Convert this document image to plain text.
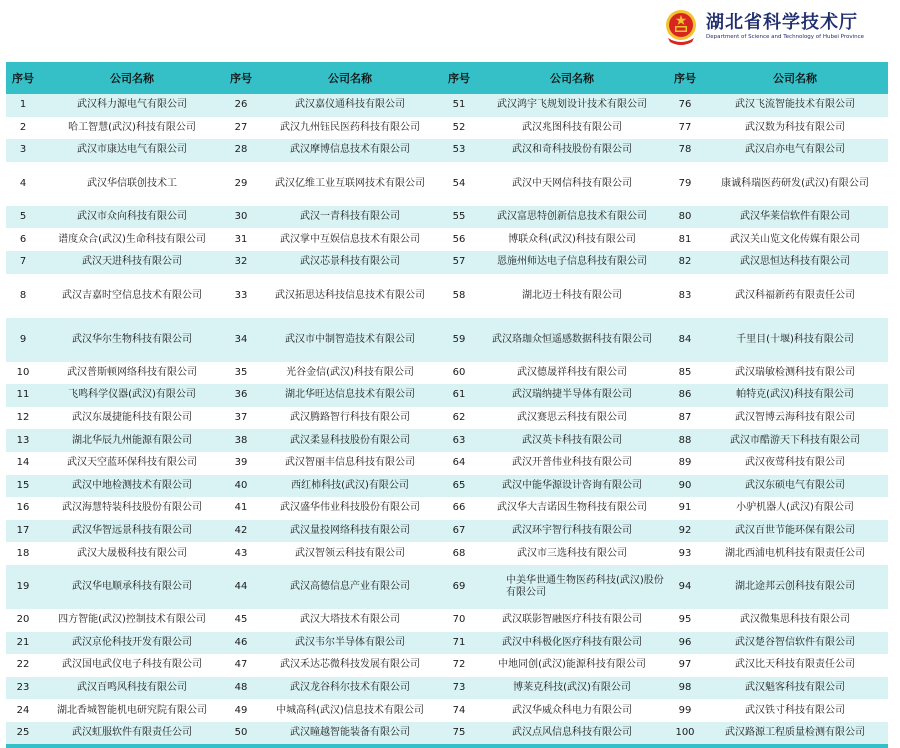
湖北省科学技术厅
Department of Science and Technology of Hubei Province
序号	公司名称	序号	公司名称	序号	公司名称	序号	公司名称
1	武汉科力源电气有限公司	26	武汉嘉仪通科技有限公司	51	武汉鸿宇飞规划设计技术有限公司	76	武汉飞流智能技术有限公司
2	哈工智慧(武汉)科技有限公司	27	武汉九州钰民医药科技有限公司	52	武汉兆图科技有限公司	77	武汉数为科技有限公司
3	武汉市康达电气有限公司	28	武汉摩博信息技术有限公司	53	武汉和奇科技股份有限公司	78	武汉启亦电气有限公司
4	武汉华信联创技术工	29	武汉亿维工业互联网技术有限公司	54	武汉中天网信科技有限公司	79	康诚科瑞医药研发(武汉)有限公司
5	武汉市众向科技有限公司	30	武汉一青科技有限公司	55	武汉富思特创新信息技术有限公司	80	武汉华莱信软件有限公司
6	谱度众合(武汉)生命科技有限公司	31	武汉掌中互娱信息技术有限公司	56	博联众科(武汉)科技有限公司	81	武汉关山览文化传媒有限公司
7	武汉天进科技有限公司	32	武汉芯景科技有限公司	57	恩施州师达电子信息科技有限公司	82	武汉思恒达科技有限公司
8	武汉吉嘉时空信息技术有限公司	33	武汉拓思达科技信息技术有限公司	58	湖北迈士科技有限公司	83	武汉科福新药有限责任公司
9	武汉华尔生物科技有限公司	34	武汉市中制智造技术有限公司	59	武汉珞珈众恒遥感数据科技有限公司	84	千里目(十堰)科技有限公司
10	武汉普斯顿网络科技有限公司	35	光谷金信(武汉)科技有限公司	60	武汉德晟祥科技有限公司	85	武汉瑞敏检测科技有限公司
11	飞鸣科学仪器(武汉)有限公司	36	湖北华旺达信息技术有限公司	61	武汉瑞纳捷半导体有限公司	86	帕特克(武汉)科技有限公司
12	武汉东晟捷能科技有限公司	37	武汉腾路智行科技有限公司	62	武汉赛思云科技有限公司	87	武汉智博云海科技有限公司
13	湖北华辰九州能源有限公司	38	武汉柔显科技股份有限公司	63	武汉英卡科技有限公司	88	武汉市酷游天下科技有限公司
14	武汉天空蓝环保科技有限公司	39	武汉智丽丰信息科技有限公司	64	武汉开普伟业科技有限公司	89	武汉夜莺科技有限公司
15	武汉中地检测技术有限公司	40	西红柿科技(武汉)有限公司	65	武汉中能华源设计咨询有限公司	90	武汉东硕电气有限公司
16	武汉海慧特装科技股份有限公司	41	武汉盛华伟业科技股份有限公司	66	武汉华大吉诺因生物科技有限公司	91	小驴机器人(武汉)有限公司
17	武汉华智远景科技有限公司	42	武汉量投网络科技有限公司	67	武汉环宇智行科技有限公司	92	武汉百世节能环保有限公司
18	武汉大晟极科技有限公司	43	武汉智领云科技有限公司	68	武汉市三选科技有限公司	93	湖北西浦电机科技有限责任公司
19	武汉华电顺承科技有限公司	44	武汉高德信息产业有限公司	69	中美华世通生物医药科技(武汉)股份有限公司	94	湖北途邦云创科技有限公司
20	四方智能(武汉)控制技术有限公司	45	武汉大塔技术有限公司	70	武汉联影智融医疗科技有限公司	95	武汉微集思科技有限公司
21	武汉京伦科技开发有限公司	46	武汉韦尔半导体有限公司	71	武汉中科极化医疗科技有限公司	96	武汉楚谷智信软件有限公司
22	武汉国电武仪电子科技有限公司	47	武汉禾达芯微科技发展有限公司	72	中地同创(武汉)能源科技有限公司	97	武汉比天科技有限责任公司
23	武汉百鸣风科技有限公司	48	武汉龙谷科尔技术有限公司	73	博莱克科技(武汉)有限公司	98	武汉魁客科技有限公司
24	湖北香城智能机电研究院有限公司	49	中城高科(武汉)信息技术有限公司	74	武汉华威众科电力有限公司	99	武汉铁寸科技有限公司
25	武汉虹服软件有限责任公司	50	武汉瞳越智能装备有限公司	75	武汉点风信息科技有限公司	100	武汉路源工程质量检测有限公司
